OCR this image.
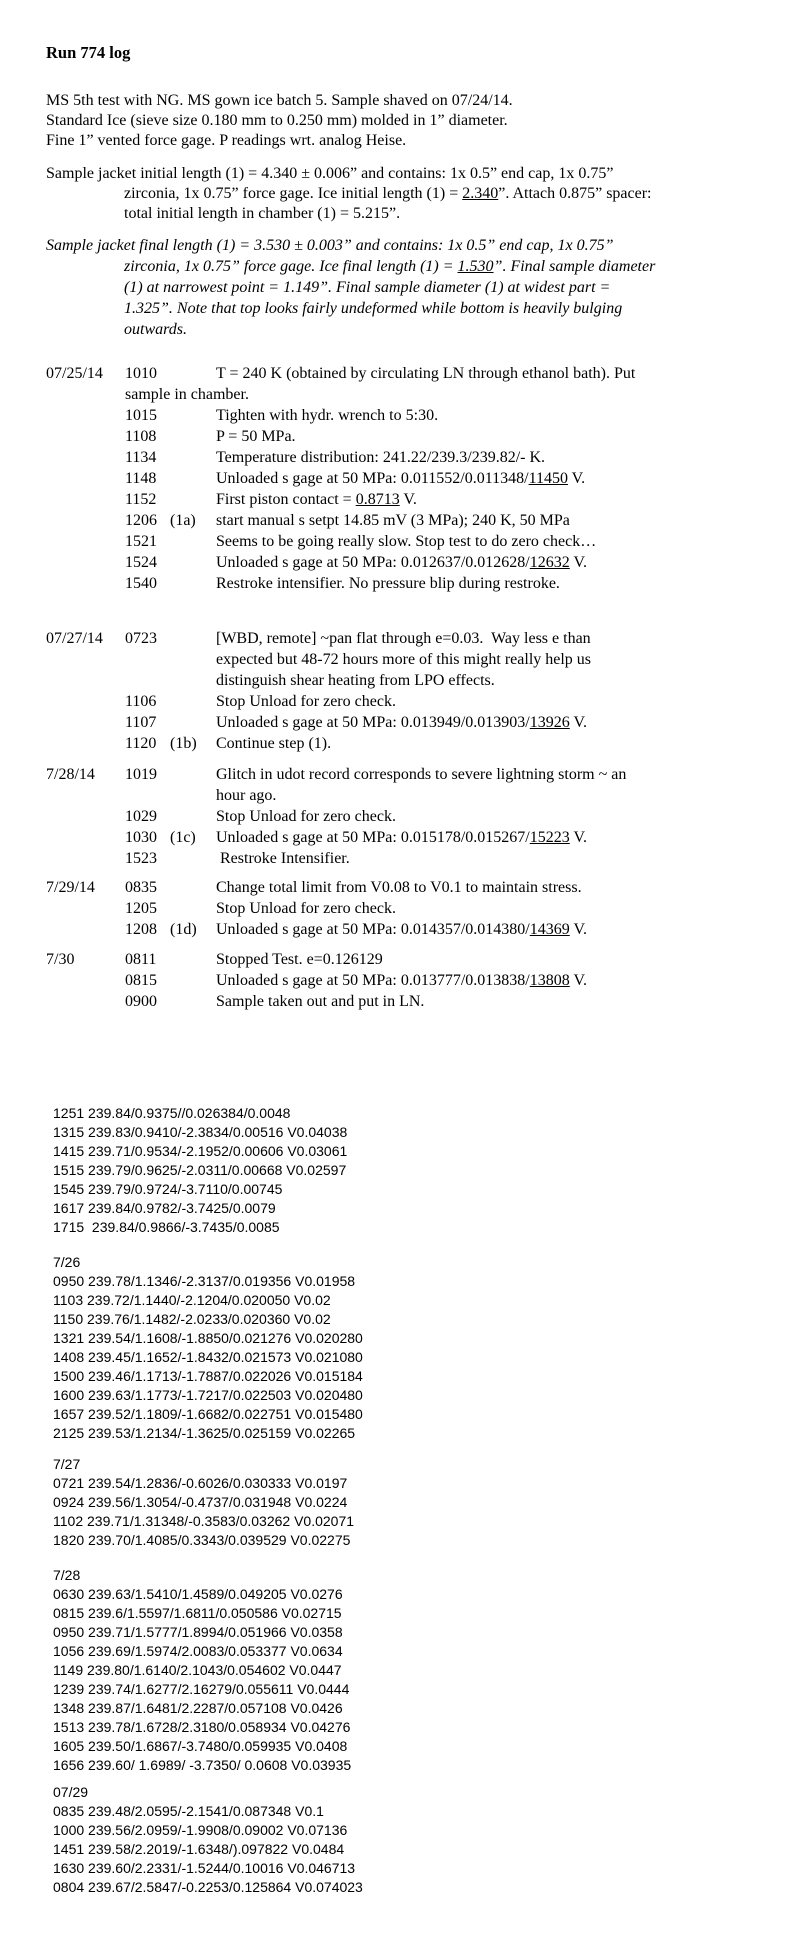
Run 774 log
MS 5th test with NG. MS gown ice batch 5. Sample shaved on 07/24/14.
Standard Ice (sieve size 0.180 mm to 0.250 mm) molded in 1” diameter.
Fine 1” vented force gage. P readings wrt. analog Heise.
Sample jacket initial length (1) = 4.340 ± 0.006” and contains: 1x 0.5” end cap, 1x 0.75”
zirconia, 1x 0.75” force gage. Ice initial length (1) = 2.340”. Attach 0.875” spacer:
total initial length in chamber (1) = 5.215”.
Sample jacket final length (1) = 3.530 ± 0.003” and contains: 1x 0.5” end cap, 1x 0.75”
zirconia, 1x 0.75” force gage. Ice final length (1) = 1.530”. Final sample diameter
(1) at narrowest point = 1.149”. Final sample diameter (1) at widest part =
1.325”. Note that top looks fairly undeformed while bottom is heavily bulging
outwards.
07/25/14 1010	T = 240 K (obtained by circulating LN through ethanol bath). Put
sample in chamber.
1015	Tighten with hydr. wrench to 5:30.
1108	P = 50 MPa.
1134	Temperature distribution: 241.22/239.3/239.82/- K.
1148	Unloaded s gage at 50 MPa: 0.011552/0.011348/11450 V.
1152	First piston contact = 0.8713 V.
1206 (1a) start manual s setpt 14.85 mV (3 MPa); 240 K, 50 MPa
1521	Seems to be going really slow. Stop test to do zero check…
1524	Unloaded s gage at 50 MPa: 0.012637/0.012628/12632 V.
1540	Restroke intensifier. No pressure blip during restroke.
07/27/14 0723	[WBD, remote] ~pan flat through e=0.03.  Way less e than
expected but 48-72 hours more of this might really help us
distinguish shear heating from LPO effects.
1106	Stop Unload for zero check.
1107	Unloaded s gage at 50 MPa: 0.013949/0.013903/13926 V.
1120 (1b) Continue step (1).
7/28/14 1019	Glitch in udot record corresponds to severe lightning storm ~ an
hour ago.
1029	Stop Unload for zero check.
1030 (1c) Unloaded s gage at 50 MPa: 0.015178/0.015267/15223 V.
1523	Restroke Intensifier.
7/29/14 0835	Change total limit from V0.08 to V0.1 to maintain stress.
1205	Stop Unload for zero check.
1208 (1d) Unloaded s gage at 50 MPa: 0.014357/0.014380/14369 V.
7/30	0811	Stopped Test. e=0.126129
0815	Unloaded s gage at 50 MPa: 0.013777/0.013838/13808 V.
0900	Sample taken out and put in LN.
1251 239.84/0.9375//0.026384/0.0048
1315 239.83/0.9410/-2.3834/0.00516 V0.04038
1415 239.71/0.9534/-2.1952/0.00606 V0.03061
1515 239.79/0.9625/-2.0311/0.00668 V0.02597
1545 239.79/0.9724/-3.7110/0.00745
1617 239.84/0.9782/-3.7425/0.0079
1715  239.84/0.9866/-3.7435/0.0085
7/26
0950 239.78/1.1346/-2.3137/0.019356 V0.01958
1103 239.72/1.1440/-2.1204/0.020050 V0.02
1150 239.76/1.1482/-2.0233/0.020360 V0.02
1321 239.54/1.1608/-1.8850/0.021276 V0.020280
1408 239.45/1.1652/-1.8432/0.021573 V0.021080
1500 239.46/1.1713/-1.7887/0.022026 V0.015184
1600 239.63/1.1773/-1.7217/0.022503 V0.020480
1657 239.52/1.1809/-1.6682/0.022751 V0.015480
2125 239.53/1.2134/-1.3625/0.025159 V0.02265
7/27
0721 239.54/1.2836/-0.6026/0.030333 V0.0197
0924 239.56/1.3054/-0.4737/0.031948 V0.0224
1102 239.71/1.31348/-0.3583/0.03262 V0.02071
1820 239.70/1.4085/0.3343/0.039529 V0.02275
7/28
0630 239.63/1.5410/1.4589/0.049205 V0.0276
0815 239.6/1.5597/1.6811/0.050586 V0.02715
0950 239.71/1.5777/1.8994/0.051966 V0.0358
1056 239.69/1.5974/2.0083/0.053377 V0.0634
1149 239.80/1.6140/2.1043/0.054602 V0.0447
1239 239.74/1.6277/2.16279/0.055611 V0.0444
1348 239.87/1.6481/2.2287/0.057108 V0.0426
1513 239.78/1.6728/2.3180/0.058934 V0.04276
1605 239.50/1.6867/-3.7480/0.059935 V0.0408
1656 239.60/ 1.6989/ -3.7350/ 0.0608 V0.03935
07/29
0835 239.48/2.0595/-2.1541/0.087348 V0.1
1000 239.56/2.0959/-1.9908/0.09002 V0.07136
1451 239.58/2.2019/-1.6348/).097822 V0.0484
1630 239.60/2.2331/-1.5244/0.10016 V0.046713
0804 239.67/2.5847/-0.2253/0.125864 V0.074023
